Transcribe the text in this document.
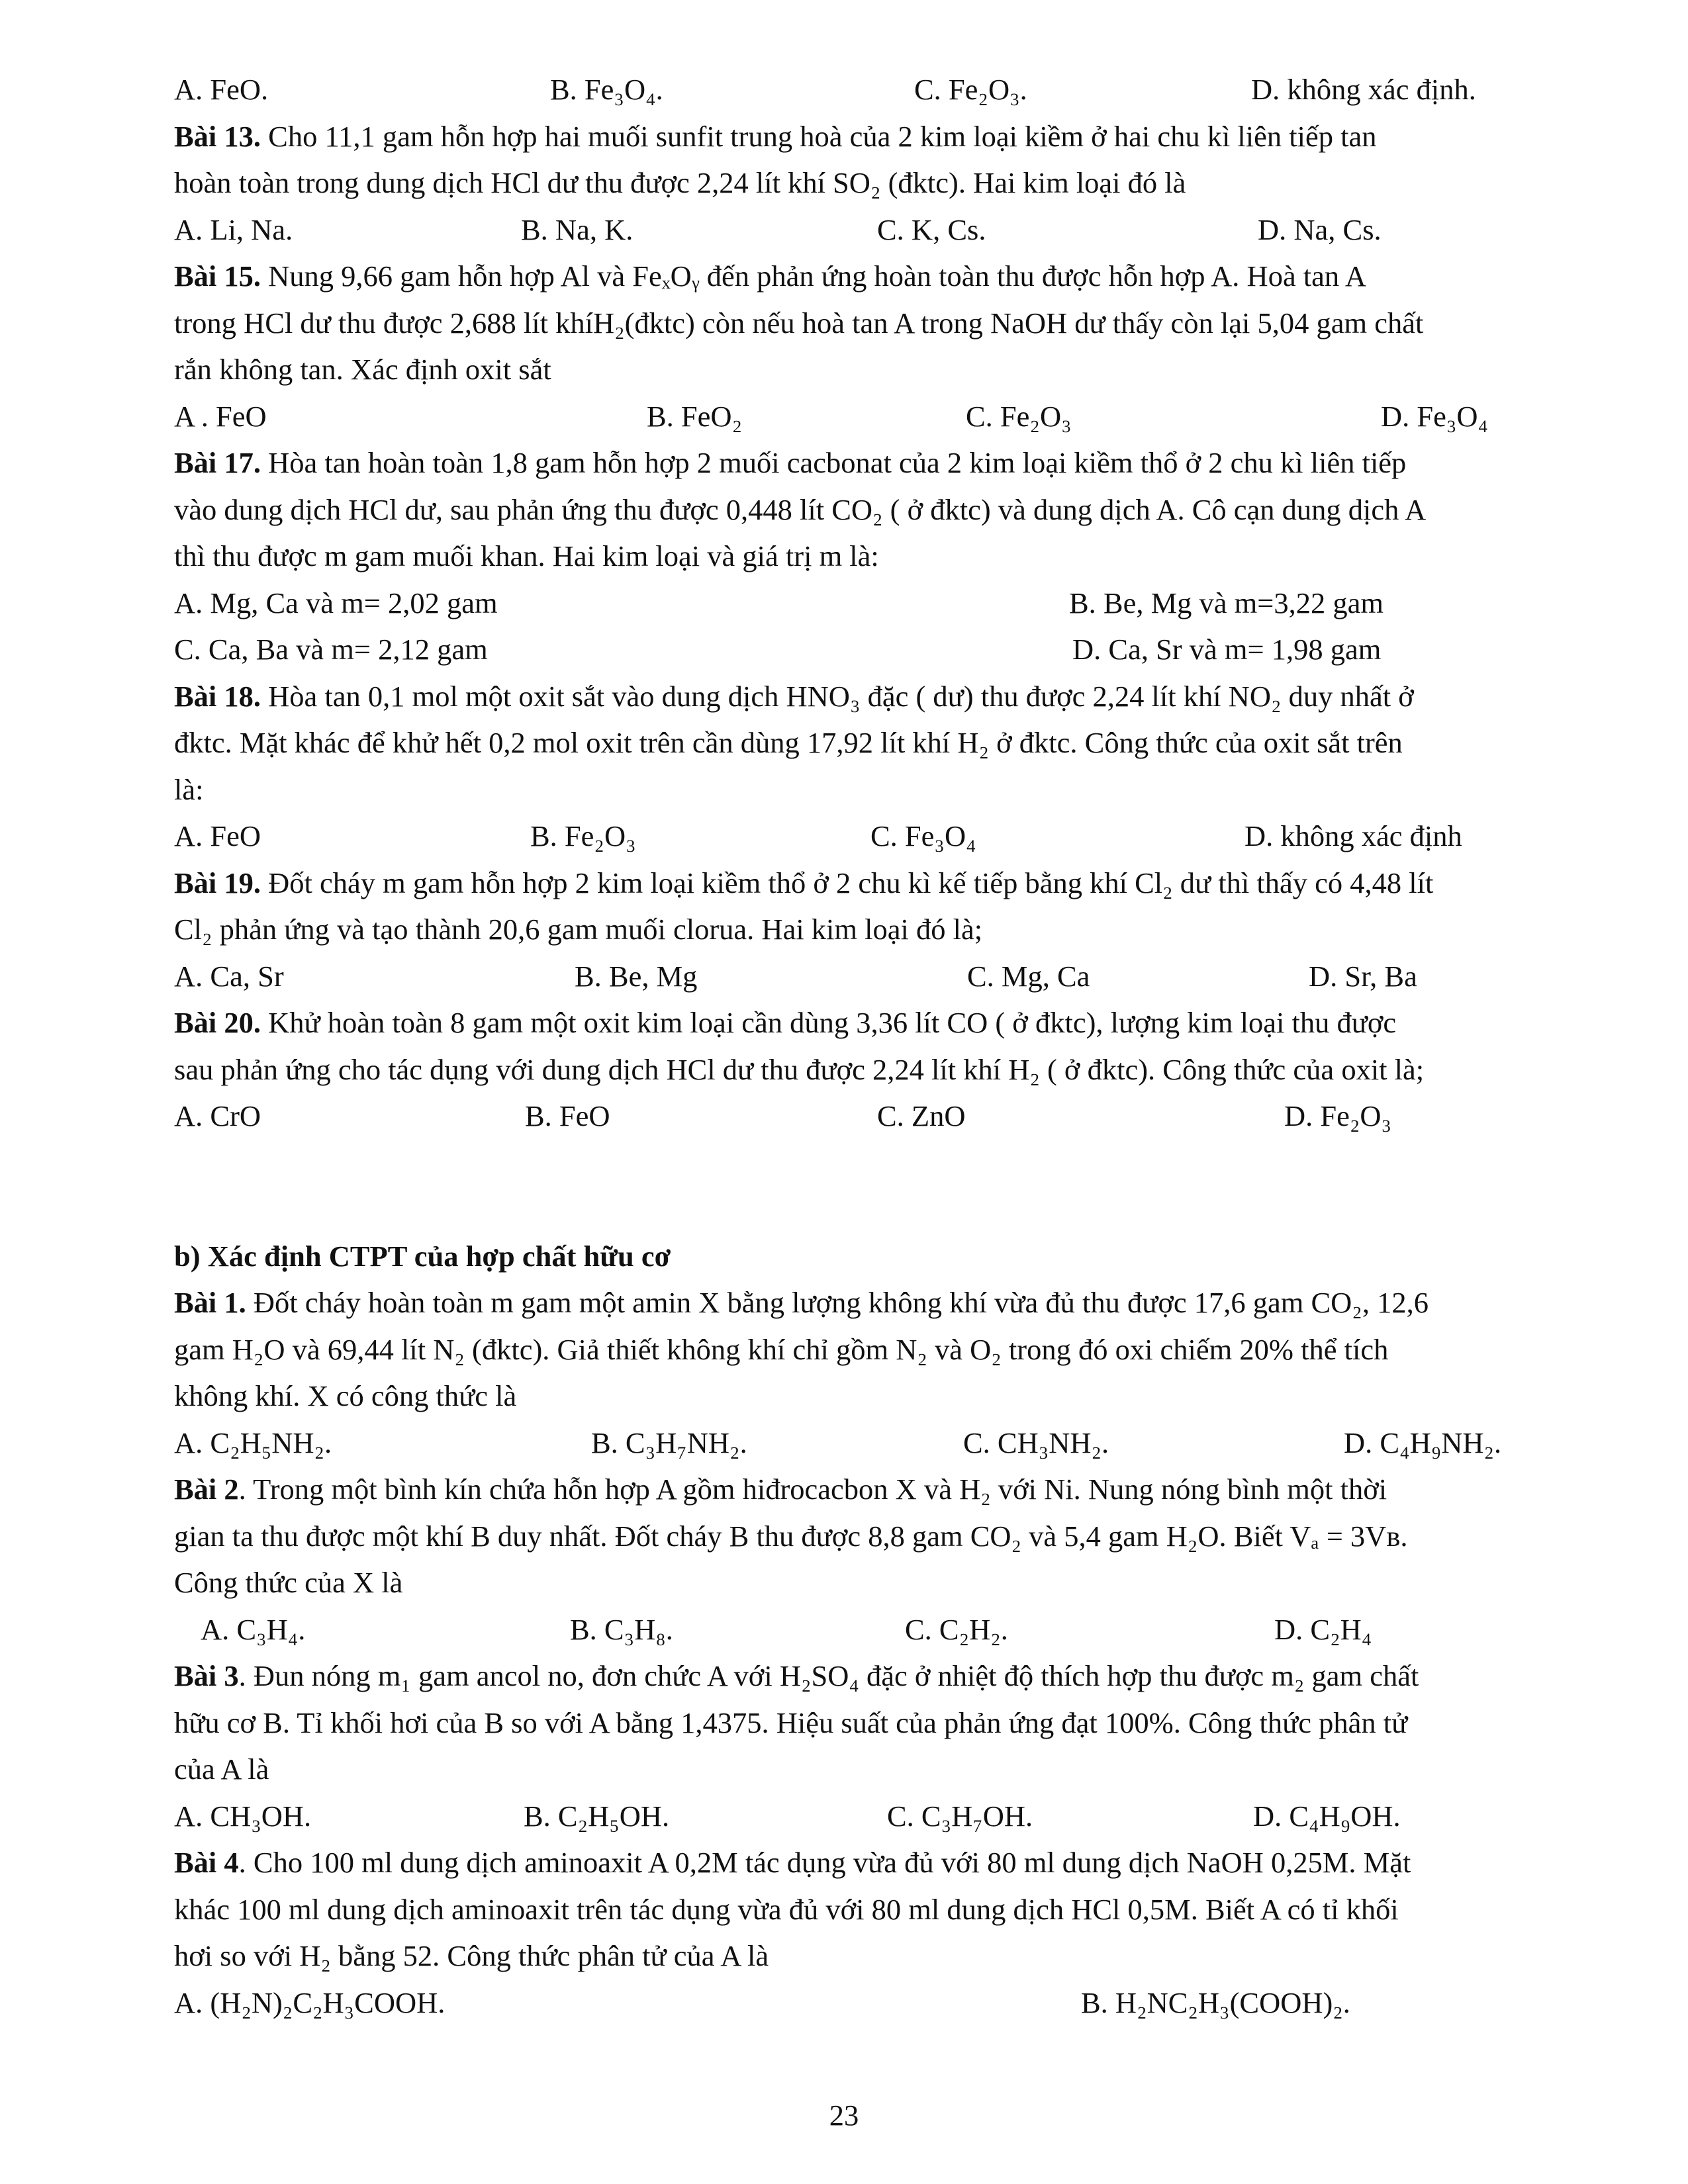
A. FeO.	B. Fe₃O₄.	C. Fe₂O₃.	D. không xác định.
Bài 13. Cho 11,1 gam hỗn hợp hai muối sunfit trung hoà của 2 kim loại kiềm ở hai chu kì liên tiếp tan
hoàn toàn trong dung dịch HCl dư thu được 2,24 lít khí SO₂ (đktc). Hai kim loại đó là
A. Li, Na.	B. Na, K.	C. K, Cs.	D. Na, Cs.
Bài 15. Nung 9,66 gam hỗn hợp Al và FeₓOᵧ đến phản ứng hoàn toàn thu được hỗn hợp A. Hoà tan A
trong HCl dư thu được 2,688 lít khíH₂(đktc) còn nếu hoà tan A trong NaOH dư thấy còn lại 5,04 gam chất
rắn không tan. Xác định oxit sắt
A . FeO	B. FeO₂	C. Fe₂O₃	D. Fe₃O₄
Bài 17. Hòa tan hoàn toàn 1,8 gam hỗn hợp 2 muối cacbonat của 2 kim loại kiềm thổ ở 2 chu kì liên tiếp
vào dung dịch HCl dư, sau phản ứng thu được 0,448 lít CO₂ ( ở đktc) và dung dịch A. Cô cạn dung dịch A
thì thu được m gam muối khan. Hai kim loại và giá trị m là:
A. Mg, Ca và m= 2,02 gam	B. Be, Mg và m=3,22 gam
C. Ca, Ba và m= 2,12 gam	D. Ca, Sr và m= 1,98 gam
Bài 18. Hòa tan 0,1 mol một oxit sắt vào dung dịch HNO₃ đặc ( dư) thu được 2,24 lít khí NO₂ duy nhất ở
đktc. Mặt khác để khử hết 0,2 mol oxit trên cần dùng 17,92 lít khí H₂ ở đktc. Công thức của oxit sắt trên
là:
A. FeO	B. Fe₂O₃	C. Fe₃O₄	D. không xác định
Bài 19. Đốt cháy m gam hỗn hợp 2 kim loại kiềm thổ ở 2 chu kì kế tiếp bằng khí Cl₂ dư thì thấy có 4,48 lít
Cl₂ phản ứng và tạo thành 20,6 gam muối clorua. Hai kim loại đó là;
A. Ca, Sr	B. Be, Mg	C. Mg, Ca	D. Sr, Ba
Bài 20. Khử hoàn toàn 8 gam một oxit kim loại cần dùng 3,36 lít CO ( ở đktc), lượng kim loại thu được
sau phản ứng cho tác dụng với dung dịch HCl dư thu được 2,24 lít khí H₂ ( ở đktc). Công thức của oxit là;
A. CrO	B. FeO	C. ZnO	D. Fe₂O₃
b) Xác định CTPT của hợp chất hữu cơ
Bài 1. Đốt cháy hoàn toàn m gam một amin X bằng lượng không khí vừa đủ thu được 17,6 gam CO₂, 12,6
gam H₂O và 69,44 lít N₂ (đktc). Giả thiết không khí chỉ gồm N₂ và O₂ trong đó oxi chiếm 20% thể tích
không khí. X có công thức là
A. C₂H₅NH₂.	B. C₃H₇NH₂.	C. CH₃NH₂.	D. C₄H₉NH₂.
Bài 2. Trong một bình kín chứa hỗn hợp A gồm hiđrocacbon X và H₂ với Ni. Nung nóng bình một thời
gian ta thu được một khí B duy nhất. Đốt cháy B thu được 8,8 gam CO₂ và 5,4 gam H₂O. Biết Vₐ = 3Vв.
Công thức của X là
A. C₃H₄.	B. C₃H₈.	C. C₂H₂.	D. C₂H₄
Bài 3. Đun nóng m₁ gam ancol no, đơn chức A với H₂SO₄ đặc ở nhiệt độ thích hợp thu được m₂ gam chất
hữu cơ B. Tỉ khối hơi của B so với A bằng 1,4375. Hiệu suất của phản ứng đạt 100%. Công thức phân tử
của A là
A. CH₃OH.	B. C₂H₅OH.	C. C₃H₇OH.	D. C₄H₉OH.
Bài 4. Cho 100 ml dung dịch aminoaxit A 0,2M tác dụng vừa đủ với 80 ml dung dịch NaOH 0,25M. Mặt
khác 100 ml dung dịch aminoaxit trên tác dụng vừa đủ với 80 ml dung dịch HCl 0,5M. Biết A có tỉ khối
hơi so với H₂ bằng 52. Công thức phân tử của A là
A. (H₂N)₂C₂H₃COOH.	B. H₂NC₂H₃(COOH)₂.
23
